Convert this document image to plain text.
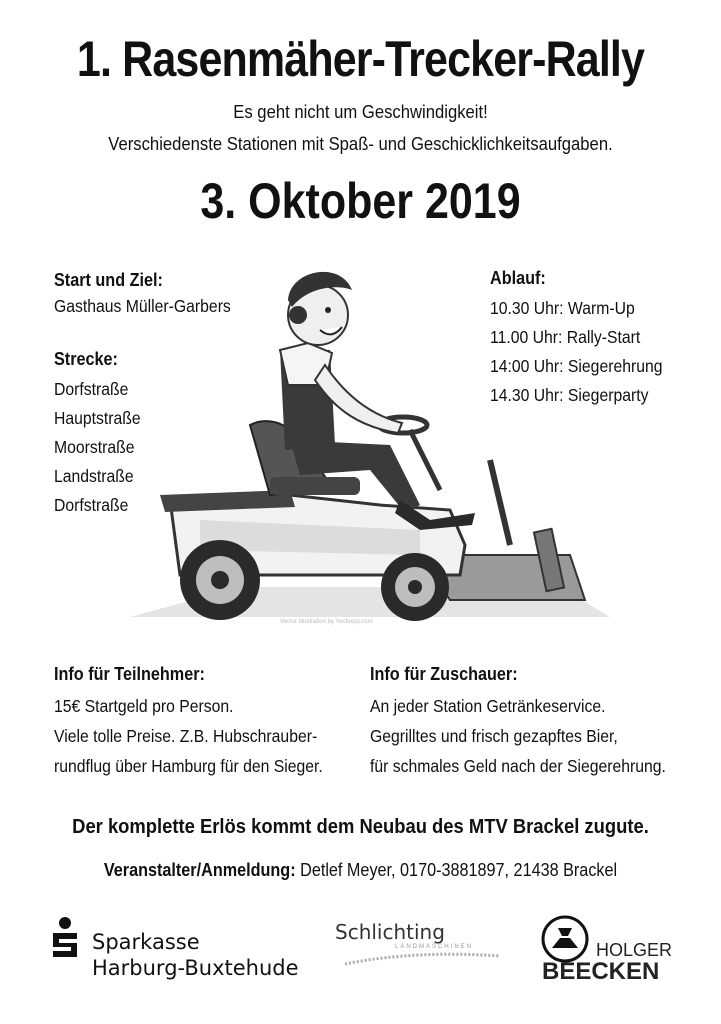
1. Rasenmäher-Trecker-Rally
Es geht nicht um Geschwindigkeit!
Verschiedenste Stationen mit Spaß- und Geschicklichkeitsaufgaben.
3. Oktober 2019
Start und Ziel:
Gasthaus Müller-Garbers
Strecke:
Dorfstraße
Hauptstraße
Moorstraße
Landstraße
Dorfstraße
Ablauf:
10.30 Uhr: Warm-Up
11.00 Uhr: Rally-Start
14:00 Uhr: Siegerehrung
14.30 Uhr: Siegerparty
Vector Illustration by Vecteezy.com
Info für Teilnehmer:
15€ Startgeld pro Person.
Viele tolle Preise. Z.B. Hubschrauber-
rundflug über Hamburg für den Sieger.
Info für Zuschauer:
An jeder Station Getränkeservice.
Gegrilltes und frisch gezapftes Bier,
für schmales Geld nach der Siegerehrung.
Der komplette Erlös kommt dem Neubau des MTV Brackel zugute.
Veranstalter/Anmeldung: Detlef Meyer, 0170-3881897, 21438 Brackel
Sparkasse
Harburg-Buxtehude
Schlichting
LANDMASCHINEN	HOLGER
BEECKEN
